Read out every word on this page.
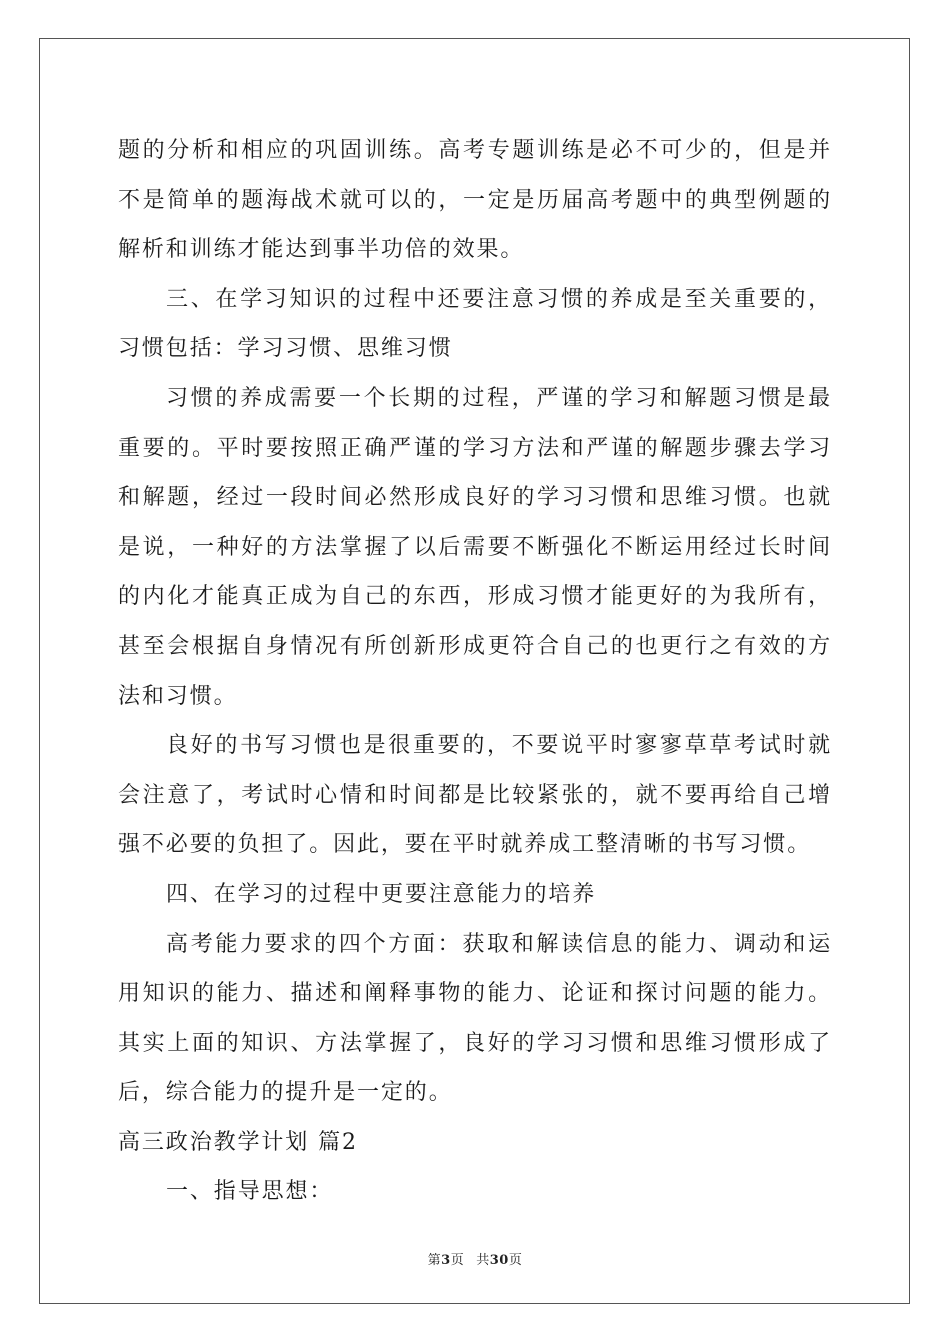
题的分析和相应的巩固训练。高考专题训练是必不可少的，但是并不是简单的题海战术就可以的，一定是历届高考题中的典型例题的解析和训练才能达到事半功倍的效果。

三、在学习知识的过程中还要注意习惯的养成是至关重要的，习惯包括：学习习惯、思维习惯

习惯的养成需要一个长期的过程，严谨的学习和解题习惯是最重要的。平时要按照正确严谨的学习方法和严谨的解题步骤去学习和解题，经过一段时间必然形成良好的学习习惯和思维习惯。也就是说，一种好的方法掌握了以后需要不断强化不断运用经过长时间的内化才能真正成为自己的东西，形成习惯才能更好的为我所有，甚至会根据自身情况有所创新形成更符合自己的也更行之有效的方法和习惯。

良好的书写习惯也是很重要的，不要说平时寥寥草草考试时就会注意了，考试时心情和时间都是比较紧张的，就不要再给自己增强不必要的负担了。因此，要在平时就养成工整清晰的书写习惯。

四、在学习的过程中更要注意能力的培养

高考能力要求的四个方面：获取和解读信息的能力、调动和运用知识的能力、描述和阐释事物的能力、论证和探讨问题的能力。其实上面的知识、方法掌握了，良好的学习习惯和思维习惯形成了后，综合能力的提升是一定的。

高三政治教学计划 篇2

一、指导思想：

第3页 共30页
